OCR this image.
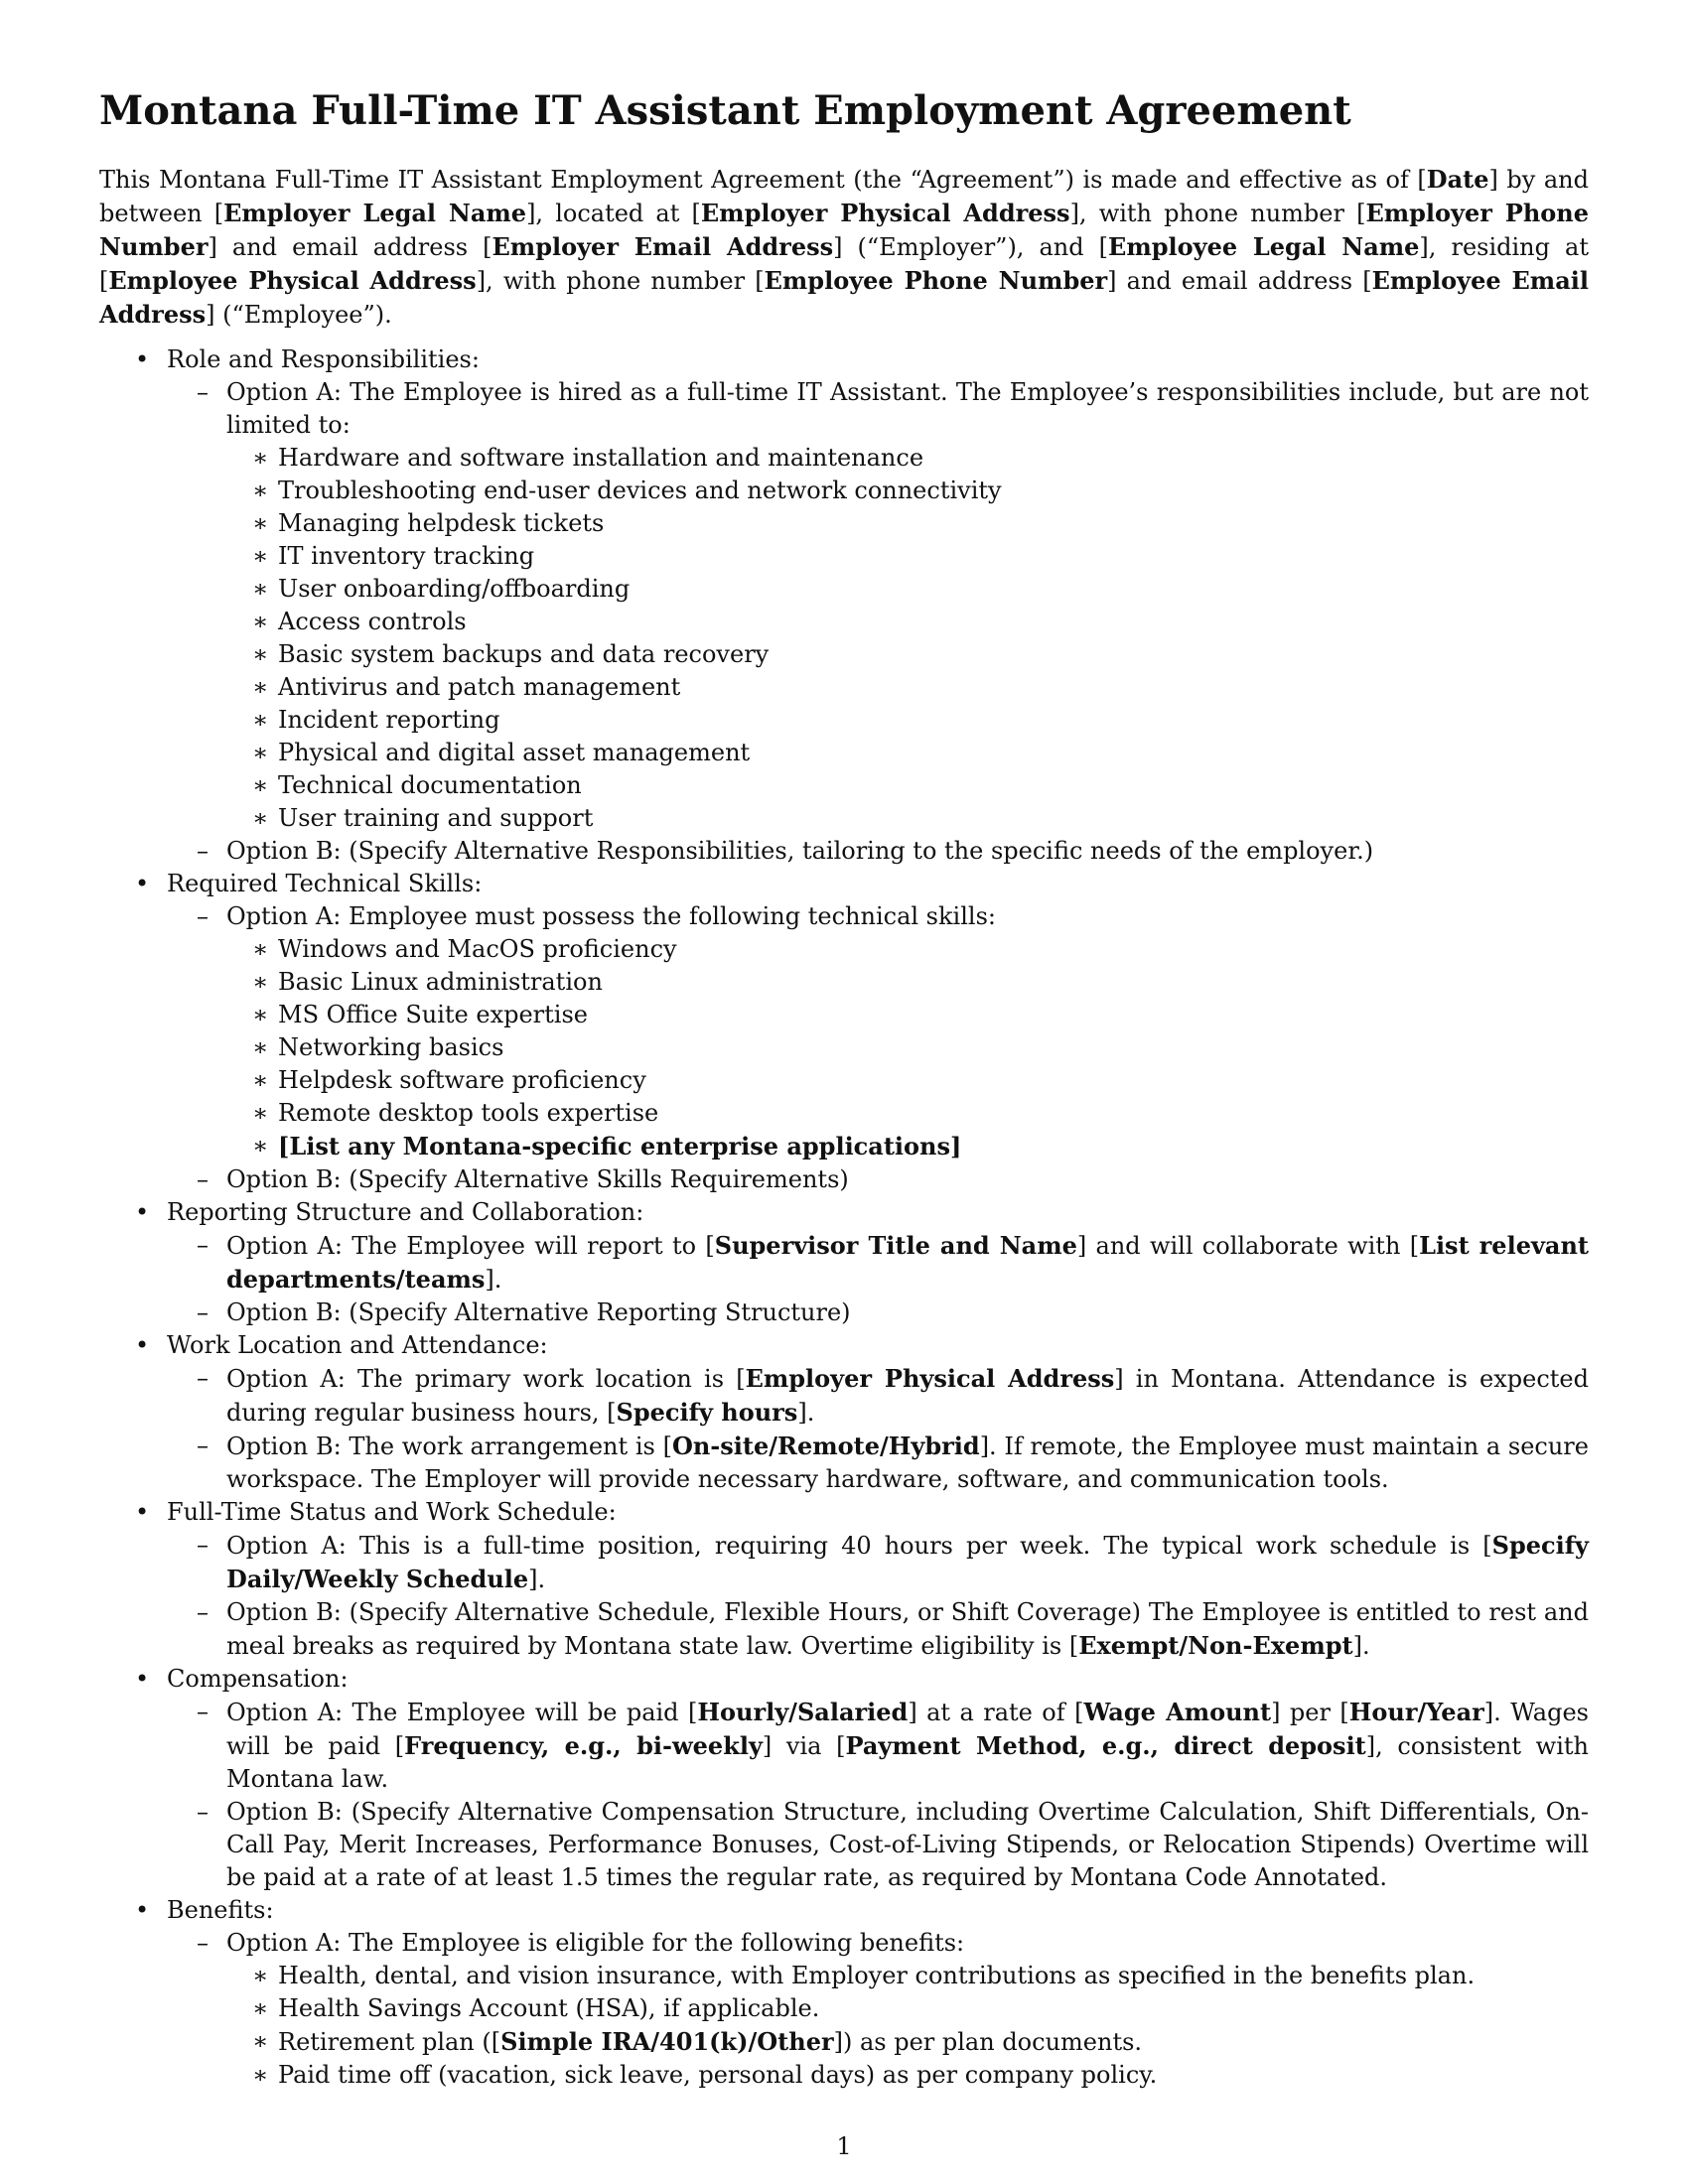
Montana Full-Time IT Assistant Employment Agreement

This Montana Full-Time IT Assistant Employment Agreement (the “Agreement”) is made and effective as of [Date] by and between [Employer Legal Name], located at [Employer Physical Address], with phone number [Employer Phone Number] and email address [Employer Email Address] (“Employer”), and [Employee Legal Name], residing at [Employee Physical Address], with phone number [Employee Phone Number] and email address [Employee Email Address] (“Employee”).

• Role and Responsibilities:
– Option A: The Employee is hired as a full-time IT Assistant. The Employee’s responsibilities include, but are not limited to:
∗ Hardware and software installation and maintenance
∗ Troubleshooting end-user devices and network connectivity
∗ Managing helpdesk tickets
∗ IT inventory tracking
∗ User onboarding/offboarding
∗ Access controls
∗ Basic system backups and data recovery
∗ Antivirus and patch management
∗ Incident reporting
∗ Physical and digital asset management
∗ Technical documentation
∗ User training and support
– Option B: (Specify Alternative Responsibilities, tailoring to the specific needs of the employer.)
• Required Technical Skills:
– Option A: Employee must possess the following technical skills:
∗ Windows and MacOS proficiency
∗ Basic Linux administration
∗ MS Office Suite expertise
∗ Networking basics
∗ Helpdesk software proficiency
∗ Remote desktop tools expertise
∗ [List any Montana-specific enterprise applications]
– Option B: (Specify Alternative Skills Requirements)
• Reporting Structure and Collaboration:
– Option A: The Employee will report to [Supervisor Title and Name] and will collaborate with [List relevant departments/teams].
– Option B: (Specify Alternative Reporting Structure)
• Work Location and Attendance:
– Option A: The primary work location is [Employer Physical Address] in Montana. Attendance is expected during regular business hours, [Specify hours].
– Option B: The work arrangement is [On-site/Remote/Hybrid]. If remote, the Employee must maintain a secure workspace. The Employer will provide necessary hardware, software, and communication tools.
• Full-Time Status and Work Schedule:
– Option A: This is a full-time position, requiring 40 hours per week. The typical work schedule is [Specify Daily/Weekly Schedule].
– Option B: (Specify Alternative Schedule, Flexible Hours, or Shift Coverage) The Employee is entitled to rest and meal breaks as required by Montana state law. Overtime eligibility is [Exempt/Non-Exempt].
• Compensation:
– Option A: The Employee will be paid [Hourly/Salaried] at a rate of [Wage Amount] per [Hour/Year]. Wages will be paid [Frequency, e.g., bi-weekly] via [Payment Method, e.g., direct deposit], consistent with Montana law.
– Option B: (Specify Alternative Compensation Structure, including Overtime Calculation, Shift Differentials, On-Call Pay, Merit Increases, Performance Bonuses, Cost-of-Living Stipends, or Relocation Stipends) Overtime will be paid at a rate of at least 1.5 times the regular rate, as required by Montana Code Annotated.
• Benefits:
– Option A: The Employee is eligible for the following benefits:
∗ Health, dental, and vision insurance, with Employer contributions as specified in the benefits plan.
∗ Health Savings Account (HSA), if applicable.
∗ Retirement plan ([Simple IRA/401(k)/Other]) as per plan documents.
∗ Paid time off (vacation, sick leave, personal days) as per company policy.
1
